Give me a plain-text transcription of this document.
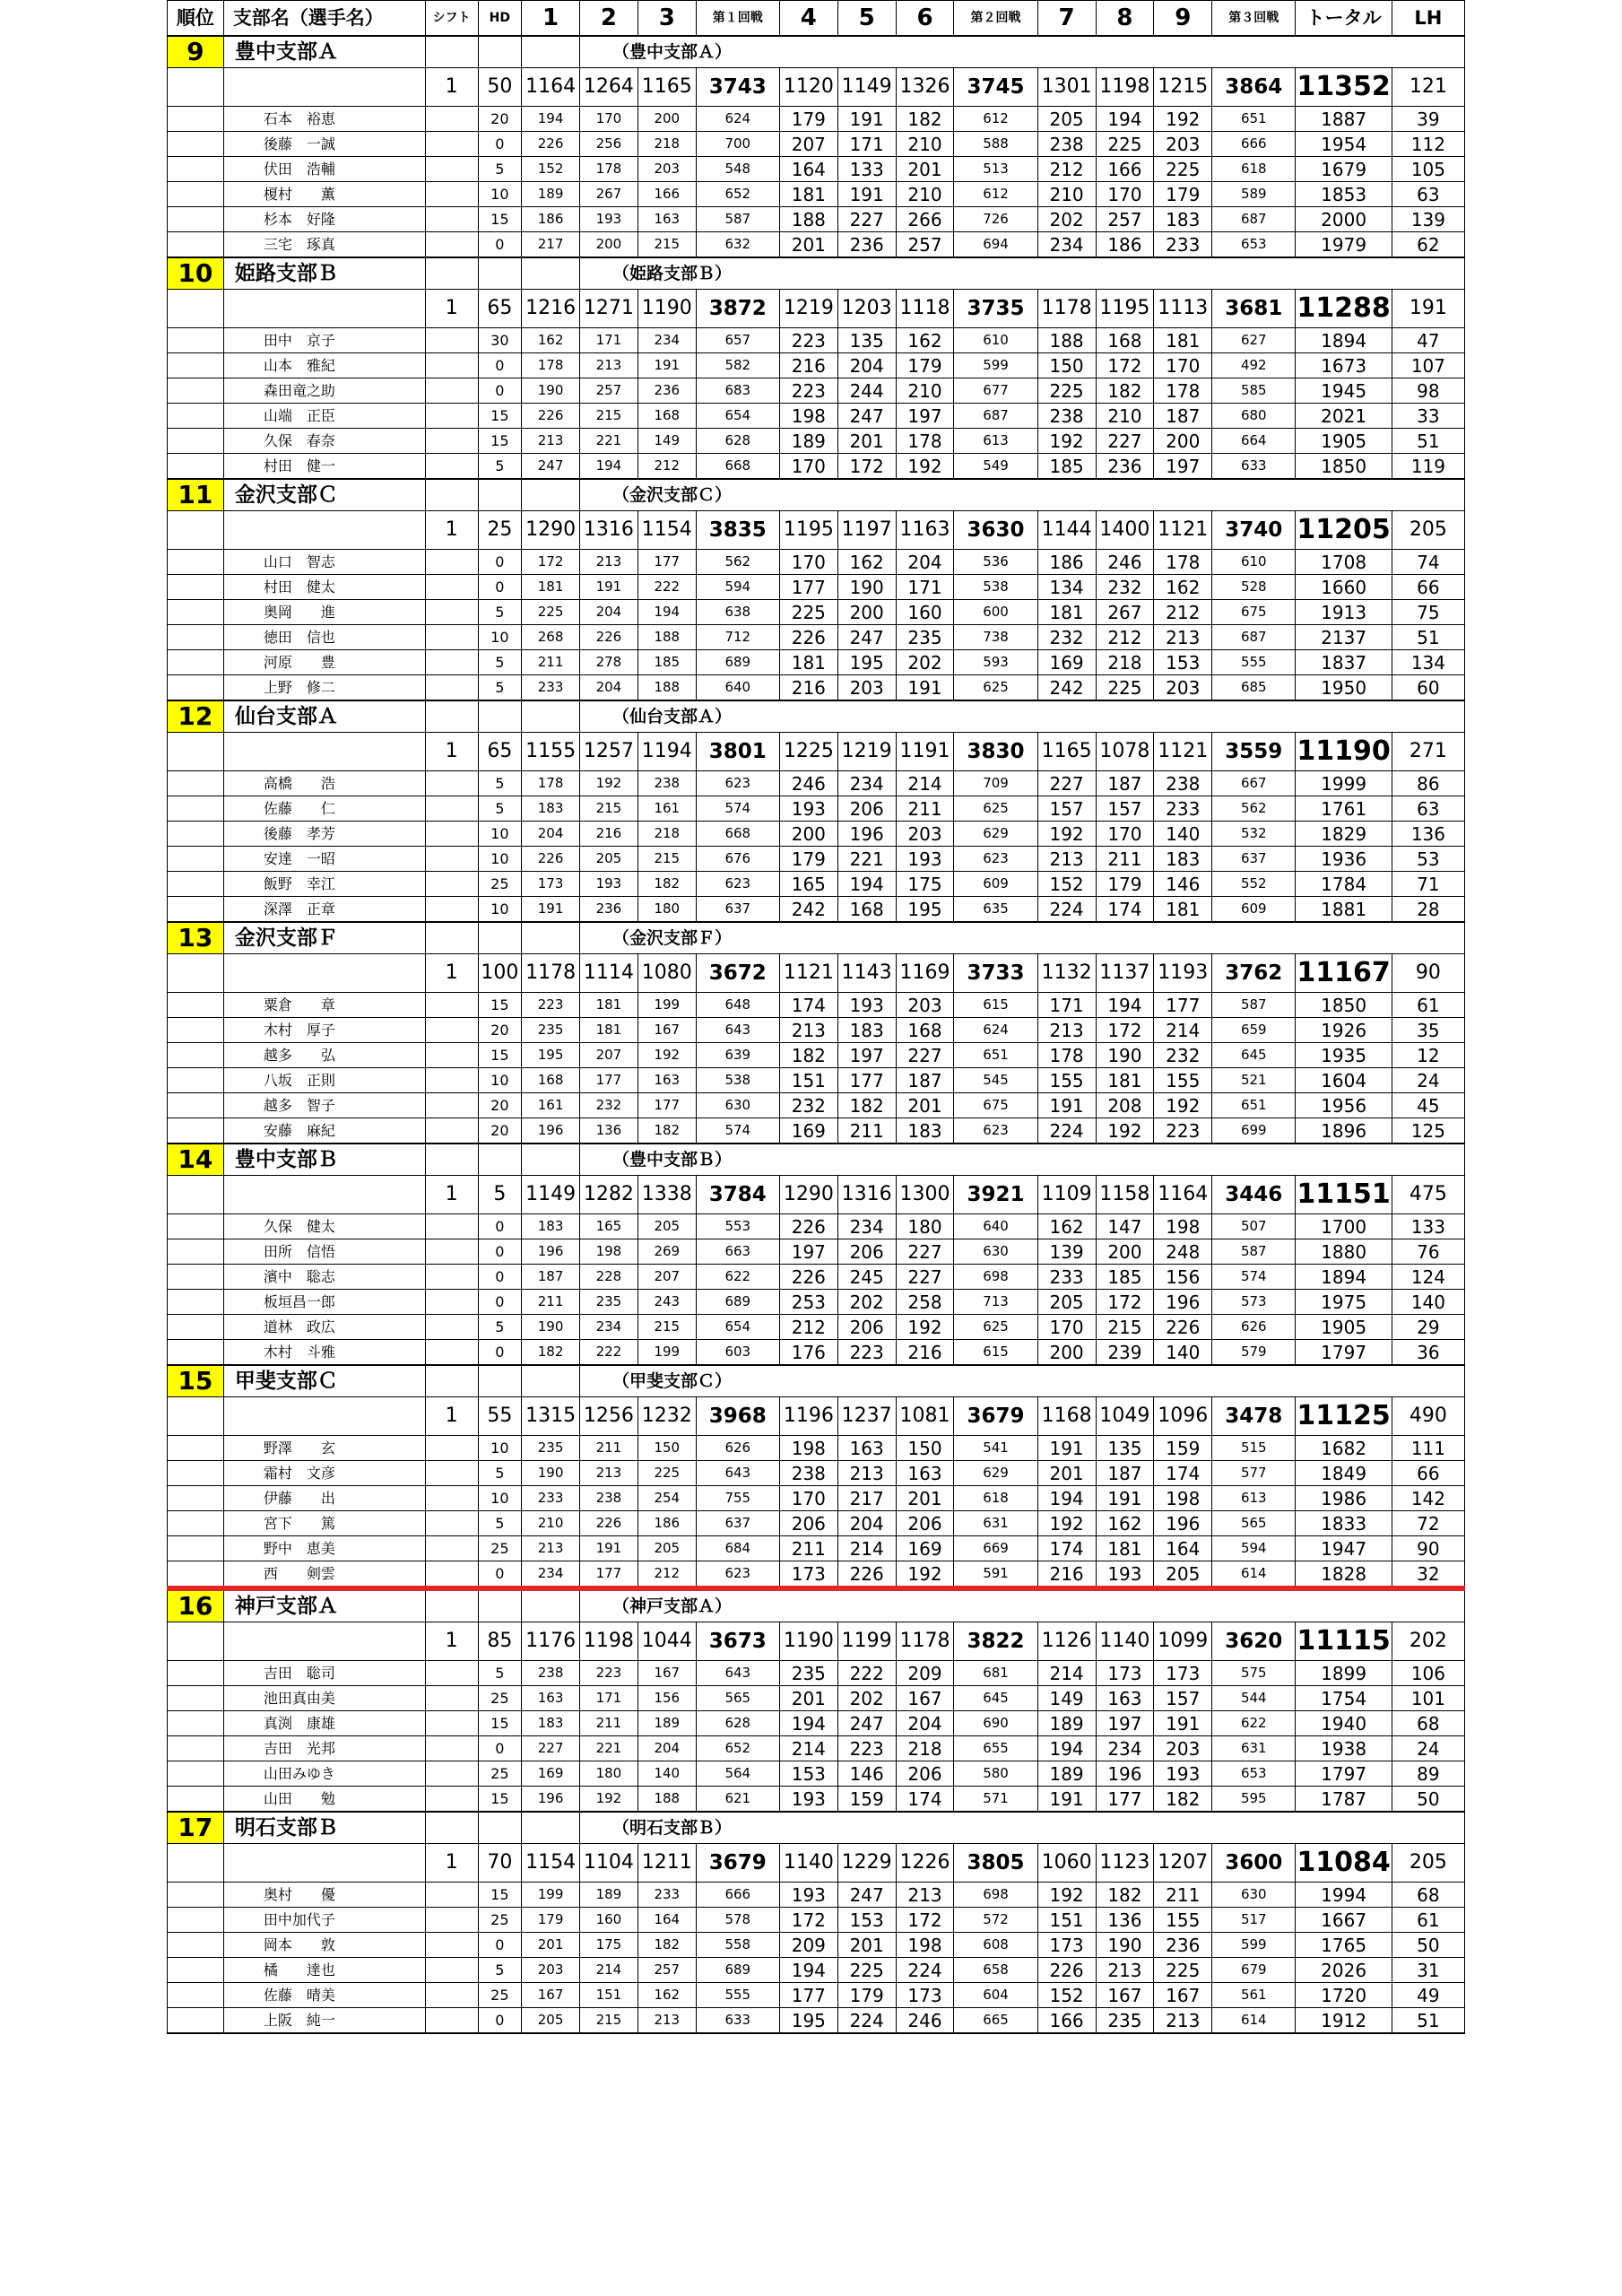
順位	支部名（選手名）	シフト	HD	1	2	3	第１回戦	4	5	6	第２回戦	7	8	9	第３回戦	トータル	LH
9	豊中支部Ａ				（豊中支部Ａ）												
		1	50	1164	1264	1165	3743	1120	1149	1326	3745	1301	1198	1215	3864	11352	121
	石本　裕恵		20	194	170	200	624	179	191	182	612	205	194	192	651	1887	39
	後藤　一誠		0	226	256	218	700	207	171	210	588	238	225	203	666	1954	112
	伏田　浩輔		5	152	178	203	548	164	133	201	513	212	166	225	618	1679	105
	榎村　　薫		10	189	267	166	652	181	191	210	612	210	170	179	589	1853	63
	杉本　好隆		15	186	193	163	587	188	227	266	726	202	257	183	687	2000	139
	三宅　琢真		0	217	200	215	632	201	236	257	694	234	186	233	653	1979	62
10	姫路支部Ｂ				（姫路支部Ｂ）												
		1	65	1216	1271	1190	3872	1219	1203	1118	3735	1178	1195	1113	3681	11288	191
	田中　京子		30	162	171	234	657	223	135	162	610	188	168	181	627	1894	47
	山本　雅紀		0	178	213	191	582	216	204	179	599	150	172	170	492	1673	107
	森田竜之助		0	190	257	236	683	223	244	210	677	225	182	178	585	1945	98
	山端　正臣		15	226	215	168	654	198	247	197	687	238	210	187	680	2021	33
	久保　春奈		15	213	221	149	628	189	201	178	613	192	227	200	664	1905	51
	村田　健一		5	247	194	212	668	170	172	192	549	185	236	197	633	1850	119
11	金沢支部Ｃ				（金沢支部Ｃ）												
		1	25	1290	1316	1154	3835	1195	1197	1163	3630	1144	1400	1121	3740	11205	205
	山口　智志		0	172	213	177	562	170	162	204	536	186	246	178	610	1708	74
	村田　健太		0	181	191	222	594	177	190	171	538	134	232	162	528	1660	66
	奥岡　　進		5	225	204	194	638	225	200	160	600	181	267	212	675	1913	75
	徳田　信也		10	268	226	188	712	226	247	235	738	232	212	213	687	2137	51
	河原　　豊		5	211	278	185	689	181	195	202	593	169	218	153	555	1837	134
	上野　修二		5	233	204	188	640	216	203	191	625	242	225	203	685	1950	60
12	仙台支部Ａ				（仙台支部Ａ）												
		1	65	1155	1257	1194	3801	1225	1219	1191	3830	1165	1078	1121	3559	11190	271
	高橋　　浩		5	178	192	238	623	246	234	214	709	227	187	238	667	1999	86
	佐藤　　仁		5	183	215	161	574	193	206	211	625	157	157	233	562	1761	63
	後藤　孝芳		10	204	216	218	668	200	196	203	629	192	170	140	532	1829	136
	安達　一昭		10	226	205	215	676	179	221	193	623	213	211	183	637	1936	53
	飯野　幸江		25	173	193	182	623	165	194	175	609	152	179	146	552	1784	71
	深澤　正章		10	191	236	180	637	242	168	195	635	224	174	181	609	1881	28
13	金沢支部Ｆ				（金沢支部Ｆ）												
		1	100	1178	1114	1080	3672	1121	1143	1169	3733	1132	1137	1193	3762	11167	90
	粟倉　　章		15	223	181	199	648	174	193	203	615	171	194	177	587	1850	61
	木村　厚子		20	235	181	167	643	213	183	168	624	213	172	214	659	1926	35
	越多　　弘		15	195	207	192	639	182	197	227	651	178	190	232	645	1935	12
	八坂　正則		10	168	177	163	538	151	177	187	545	155	181	155	521	1604	24
	越多　智子		20	161	232	177	630	232	182	201	675	191	208	192	651	1956	45
	安藤　麻紀		20	196	136	182	574	169	211	183	623	224	192	223	699	1896	125
14	豊中支部Ｂ				（豊中支部Ｂ）												
		1	5	1149	1282	1338	3784	1290	1316	1300	3921	1109	1158	1164	3446	11151	475
	久保　健太		0	183	165	205	553	226	234	180	640	162	147	198	507	1700	133
	田所　信悟		0	196	198	269	663	197	206	227	630	139	200	248	587	1880	76
	濱中　聡志		0	187	228	207	622	226	245	227	698	233	185	156	574	1894	124
	板垣昌一郎		0	211	235	243	689	253	202	258	713	205	172	196	573	1975	140
	道林　政広		5	190	234	215	654	212	206	192	625	170	215	226	626	1905	29
	木村　斗雅		0	182	222	199	603	176	223	216	615	200	239	140	579	1797	36
15	甲斐支部Ｃ				（甲斐支部Ｃ）												
		1	55	1315	1256	1232	3968	1196	1237	1081	3679	1168	1049	1096	3478	11125	490
	野澤　　玄		10	235	211	150	626	198	163	150	541	191	135	159	515	1682	111
	霜村　文彦		5	190	213	225	643	238	213	163	629	201	187	174	577	1849	66
	伊藤　　出		10	233	238	254	755	170	217	201	618	194	191	198	613	1986	142
	宮下　　篤		5	210	226	186	637	206	204	206	631	192	162	196	565	1833	72
	野中　恵美		25	213	191	205	684	211	214	169	669	174	181	164	594	1947	90
	西　　剣雲		0	234	177	212	623	173	226	192	591	216	193	205	614	1828	32
16	神戸支部Ａ				（神戸支部Ａ）												
		1	85	1176	1198	1044	3673	1190	1199	1178	3822	1126	1140	1099	3620	11115	202
	吉田　聡司		5	238	223	167	643	235	222	209	681	214	173	173	575	1899	106
	池田真由美		25	163	171	156	565	201	202	167	645	149	163	157	544	1754	101
	真渕　康雄		15	183	211	189	628	194	247	204	690	189	197	191	622	1940	68
	吉田　光邦		0	227	221	204	652	214	223	218	655	194	234	203	631	1938	24
	山田みゆき		25	169	180	140	564	153	146	206	580	189	196	193	653	1797	89
	山田　　勉		15	196	192	188	621	193	159	174	571	191	177	182	595	1787	50
17	明石支部Ｂ				（明石支部Ｂ）												
		1	70	1154	1104	1211	3679	1140	1229	1226	3805	1060	1123	1207	3600	11084	205
	奥村　　優		15	199	189	233	666	193	247	213	698	192	182	211	630	1994	68
	田中加代子		25	179	160	164	578	172	153	172	572	151	136	155	517	1667	61
	岡本　　敦		0	201	175	182	558	209	201	198	608	173	190	236	599	1765	50
	橘　　達也		5	203	214	257	689	194	225	224	658	226	213	225	679	2026	31
	佐藤　晴美		25	167	151	162	555	177	179	173	604	152	167	167	561	1720	49
	上阪　純一		0	205	215	213	633	195	224	246	665	166	235	213	614	1912	51
